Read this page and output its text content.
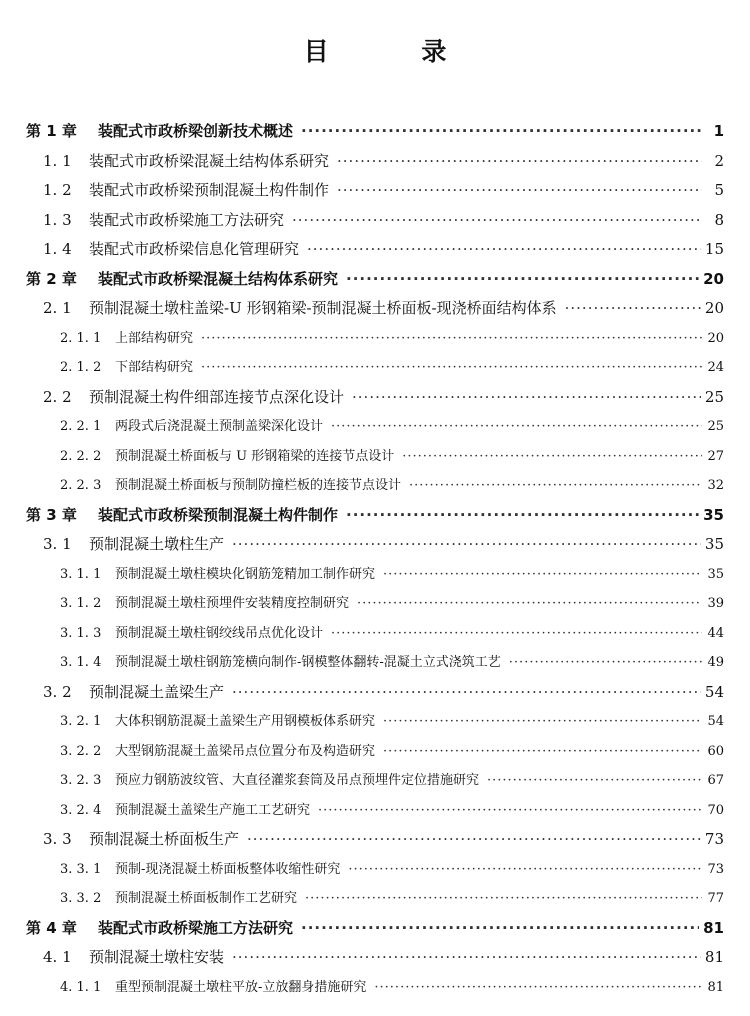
目 录
第 1 章	装配式市政桥梁创新技术概述 ·····	1
1. 1	装配式市政桥梁混凝土结构体系研究 ·····	2
1. 2	装配式市政桥梁预制混凝土构件制作 ·····	5
1. 3	装配式市政桥梁施工方法研究 ·····	8
1. 4	装配式市政桥梁信息化管理研究 ·····	15
第 2 章	装配式市政桥梁混凝土结构体系研究 ·····	20
2. 1	预制混凝土墩柱盖梁-U 形钢箱梁-预制混凝土桥面板-现浇桥面结构体系 ·····	20
2. 1. 1	上部结构研究 ·····	20
2. 1. 2	下部结构研究 ·····	24
2. 2	预制混凝土构件细部连接节点深化设计 ·····	25
2. 2. 1	两段式后浇混凝土预制盖梁深化设计 ·····	25
2. 2. 2	预制混凝土桥面板与 U 形钢箱梁的连接节点设计 ·····	27
2. 2. 3	预制混凝土桥面板与预制防撞栏板的连接节点设计 ·····	32
第 3 章	装配式市政桥梁预制混凝土构件制作 ·····	35
3. 1	预制混凝土墩柱生产 ·····	35
3. 1. 1	预制混凝土墩柱模块化钢筋笼精加工制作研究 ·····	35
3. 1. 2	预制混凝土墩柱预埋件安装精度控制研究 ·····	39
3. 1. 3	预制混凝土墩柱钢绞线吊点优化设计 ·····	44
3. 1. 4	预制混凝土墩柱钢筋笼横向制作-钢模整体翻转-混凝土立式浇筑工艺 ·····	49
3. 2	预制混凝土盖梁生产 ·····	54
3. 2. 1	大体积钢筋混凝土盖梁生产用钢模板体系研究 ·····	54
3. 2. 2	大型钢筋混凝土盖梁吊点位置分布及构造研究 ·····	60
3. 2. 3	预应力钢筋波纹管、大直径灌浆套筒及吊点预埋件定位措施研究 ·····	67
3. 2. 4	预制混凝土盖梁生产施工工艺研究 ·····	70
3. 3	预制混凝土桥面板生产 ·····	73
3. 3. 1	预制-现浇混凝土桥面板整体收缩性研究 ·····	73
3. 3. 2	预制混凝土桥面板制作工艺研究 ·····	77
第 4 章	装配式市政桥梁施工方法研究 ·····	81
4. 1	预制混凝土墩柱安装 ·····	81
4. 1. 1	重型预制混凝土墩柱平放-立放翻身措施研究 ·····	81
